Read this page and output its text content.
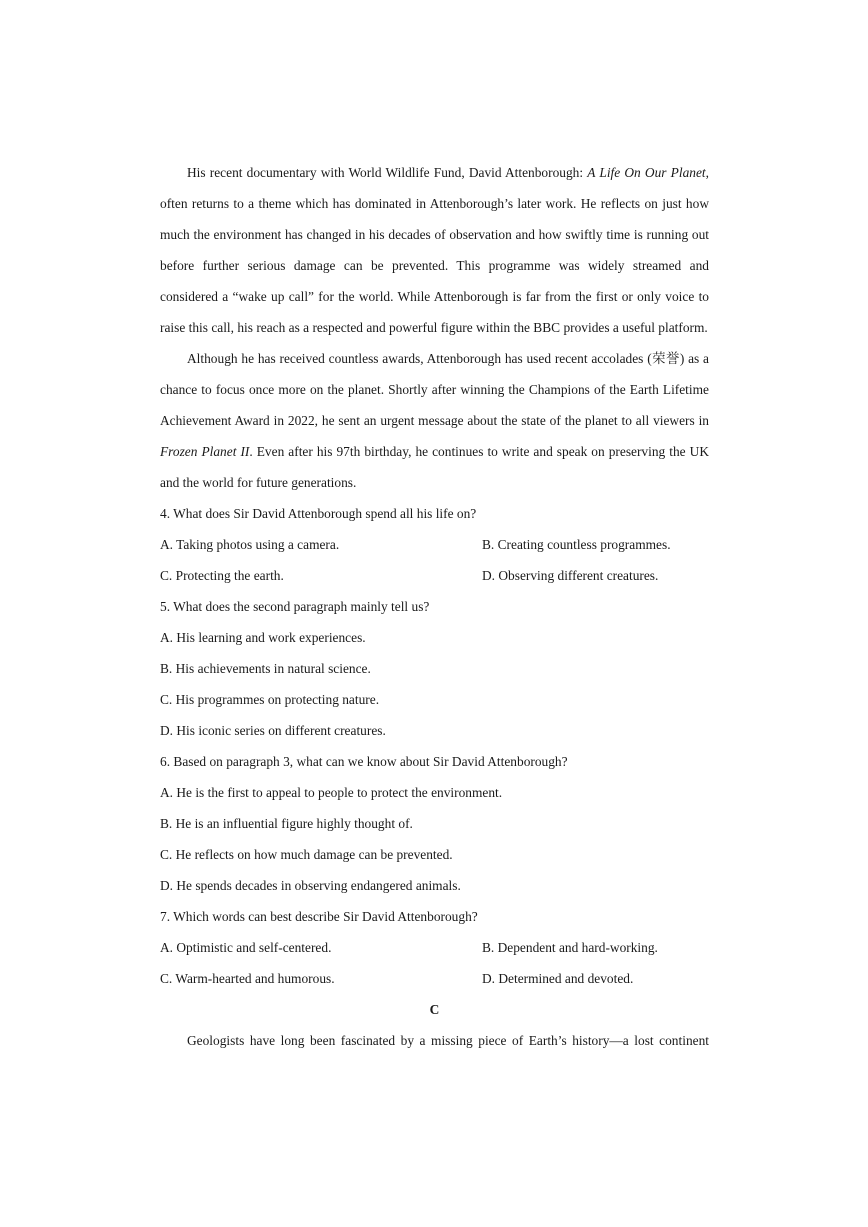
His recent documentary with World Wildlife Fund, David Attenborough: A Life On Our Planet, often returns to a theme which has dominated in Attenborough’s later work. He reflects on just how much the environment has changed in his decades of observation and how swiftly time is running out before further serious damage can be prevented. This programme was widely streamed and considered a “wake up call” for the world. While Attenborough is far from the first or only voice to raise this call, his reach as a respected and powerful figure within the BBC provides a useful platform.

Although he has received countless awards, Attenborough has used recent accolades (荣誉) as a chance to focus once more on the planet. Shortly after winning the Champions of the Earth Lifetime Achievement Award in 2022, he sent an urgent message about the state of the planet to all viewers in Frozen Planet II. Even after his 97th birthday, he continues to write and speak on preserving the UK and the world for future generations.

4. What does Sir David Attenborough spend all his life on?

A. Taking photos using a camera.	B. Creating countless programmes.
C. Protecting the earth.	D. Observing different creatures.

5. What does the second paragraph mainly tell us?

A. His learning and work experiences.
B. His achievements in natural science.
C. His programmes on protecting nature.
D. His iconic series on different creatures.

6. Based on paragraph 3, what can we know about Sir David Attenborough?

A. He is the first to appeal to people to protect the environment.
B. He is an influential figure highly thought of.
C. He reflects on how much damage can be prevented.
D. He spends decades in observing endangered animals.

7. Which words can best describe Sir David Attenborough?

A. Optimistic and self-centered.	B. Dependent and hard-working.
C. Warm-hearted and humorous.	D. Determined and devoted.

C

Geologists have long been fascinated by a missing piece of Earth’s history—a lost continent
